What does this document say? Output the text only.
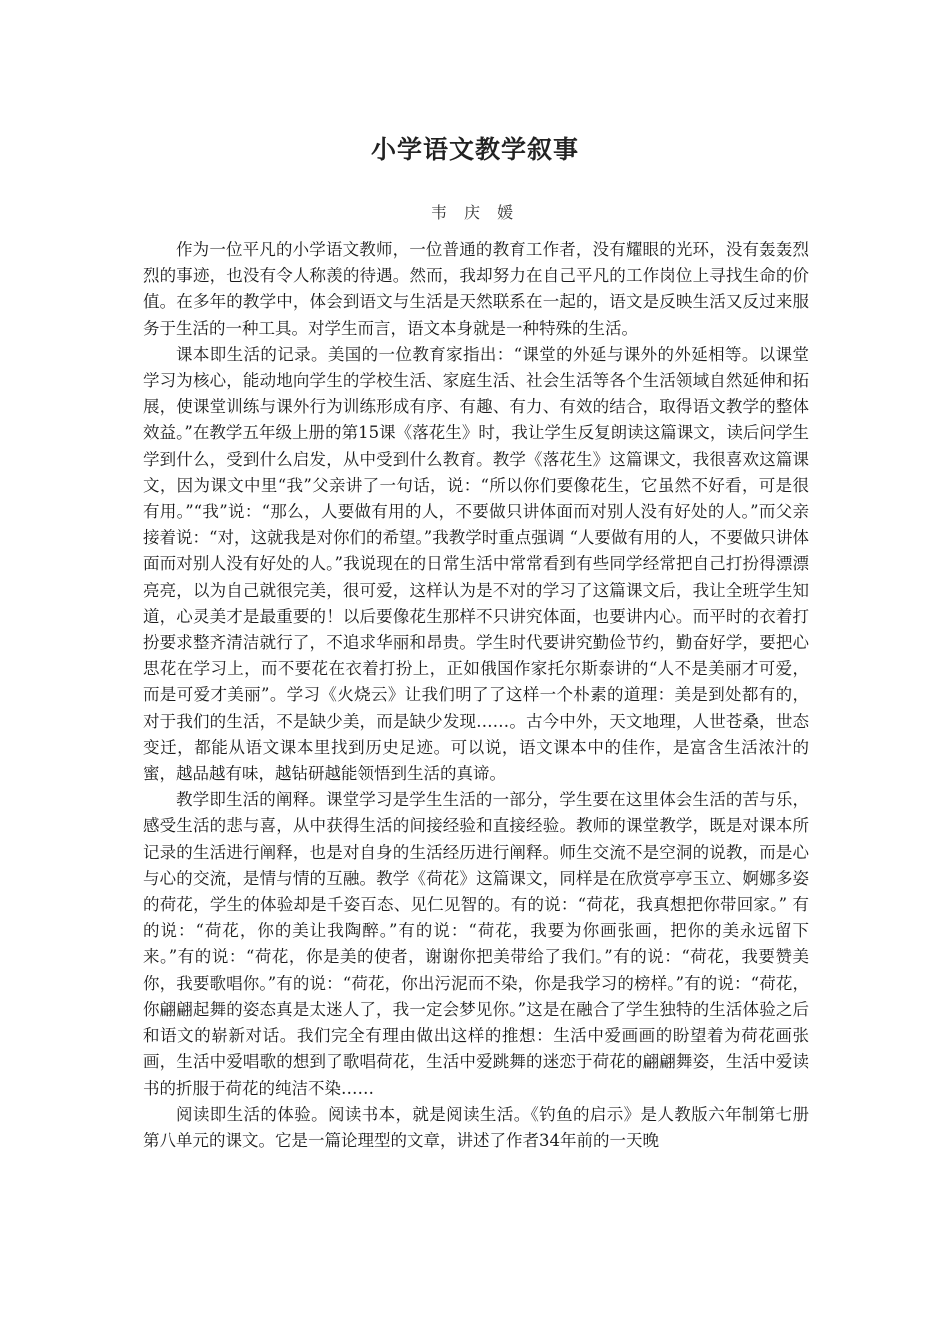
小学语文教学叙事
韦 庆 媛

作为一位平凡的小学语文教师，一位普通的教育工作者，没有耀眼的光环，没有轰轰烈烈的事迹，也没有令人称羡的待遇。然而，我却努力在自己平凡的工作岗位上寻找生命的价值。在多年的教学中，体会到语文与生活是天然联系在一起的，语文是反映生活又反过来服务于生活的一种工具。对学生而言，语文本身就是一种特殊的生活。

课本即生活的记录。美国的一位教育家指出：“课堂的外延与课外的外延相等。以课堂学习为核心，能动地向学生的学校生活、家庭生活、社会生活等各个生活领域自然延伸和拓展，使课堂训练与课外行为训练形成有序、有趣、有力、有效的结合，取得语文教学的整体效益。”在教学五年级上册的第15课《落花生》时，我让学生反复朗读这篇课文，读后问学生学到什么，受到什么启发，从中受到什么教育。教学《落花生》这篇课文，我很喜欢这篇课文，因为课文中里“我”父亲讲了一句话，说：“所以你们要像花生，它虽然不好看，可是很有用。”“我”说：“那么，人要做有用的人，不要做只讲体面而对别人没有好处的人。”而父亲接着说：“对，这就我是对你们的希望。”我教学时重点强调 “人要做有用的人，不要做只讲体面而对别人没有好处的人。”我说现在的日常生活中常常看到有些同学经常把自己打扮得漂漂亮亮，以为自己就很完美，很可爱，这样认为是不对的学习了这篇课文后，我让全班学生知道，心灵美才是最重要的！以后要像花生那样不只讲究体面，也要讲内心。而平时的衣着打扮要求整齐清洁就行了，不追求华丽和昂贵。学生时代要讲究勤俭节约，勤奋好学，要把心思花在学习上，而不要花在衣着打扮上，正如俄国作家托尔斯泰讲的“人不是美丽才可爱，而是可爱才美丽”。学习《火烧云》让我们明了了这样一个朴素的道理：美是到处都有的，对于我们的生活，不是缺少美，而是缺少发现……。古今中外，天文地理，人世苍桑，世态变迁，都能从语文课本里找到历史足迹。可以说，语文课本中的佳作，是富含生活浓汁的蜜，越品越有味，越钻研越能领悟到生活的真谛。

教学即生活的阐释。课堂学习是学生生活的一部分，学生要在这里体会生活的苦与乐，感受生活的悲与喜，从中获得生活的间接经验和直接经验。教师的课堂教学，既是对课本所记录的生活进行阐释，也是对自身的生活经历进行阐释。师生交流不是空洞的说教，而是心与心的交流，是情与情的互融。教学《荷花》这篇课文，同样是在欣赏亭亭玉立、婀娜多姿的荷花，学生的体验却是千姿百态、见仁见智的。有的说：“荷花，我真想把你带回家。” 有的说：“荷花，你的美让我陶醉。”有的说：“荷花，我要为你画张画，把你的美永远留下来。”有的说：“荷花，你是美的使者，谢谢你把美带给了我们。”有的说：“荷花，我要赞美你，我要歌唱你。”有的说：“荷花，你出污泥而不染，你是我学习的榜样。”有的说：“荷花，你翩翩起舞的姿态真是太迷人了，我一定会梦见你。”这是在融合了学生独特的生活体验之后和语文的崭新对话。我们完全有理由做出这样的推想：生活中爱画画的盼望着为荷花画张画，生活中爱唱歌的想到了歌唱荷花，生活中爱跳舞的迷恋于荷花的翩翩舞姿，生活中爱读书的折服于荷花的纯洁不染……

阅读即生活的体验。阅读书本，就是阅读生活。《钓鱼的启示》是人教版六年制第七册第八单元的课文。它是一篇论理型的文章，讲述了作者34年前的一天晚
